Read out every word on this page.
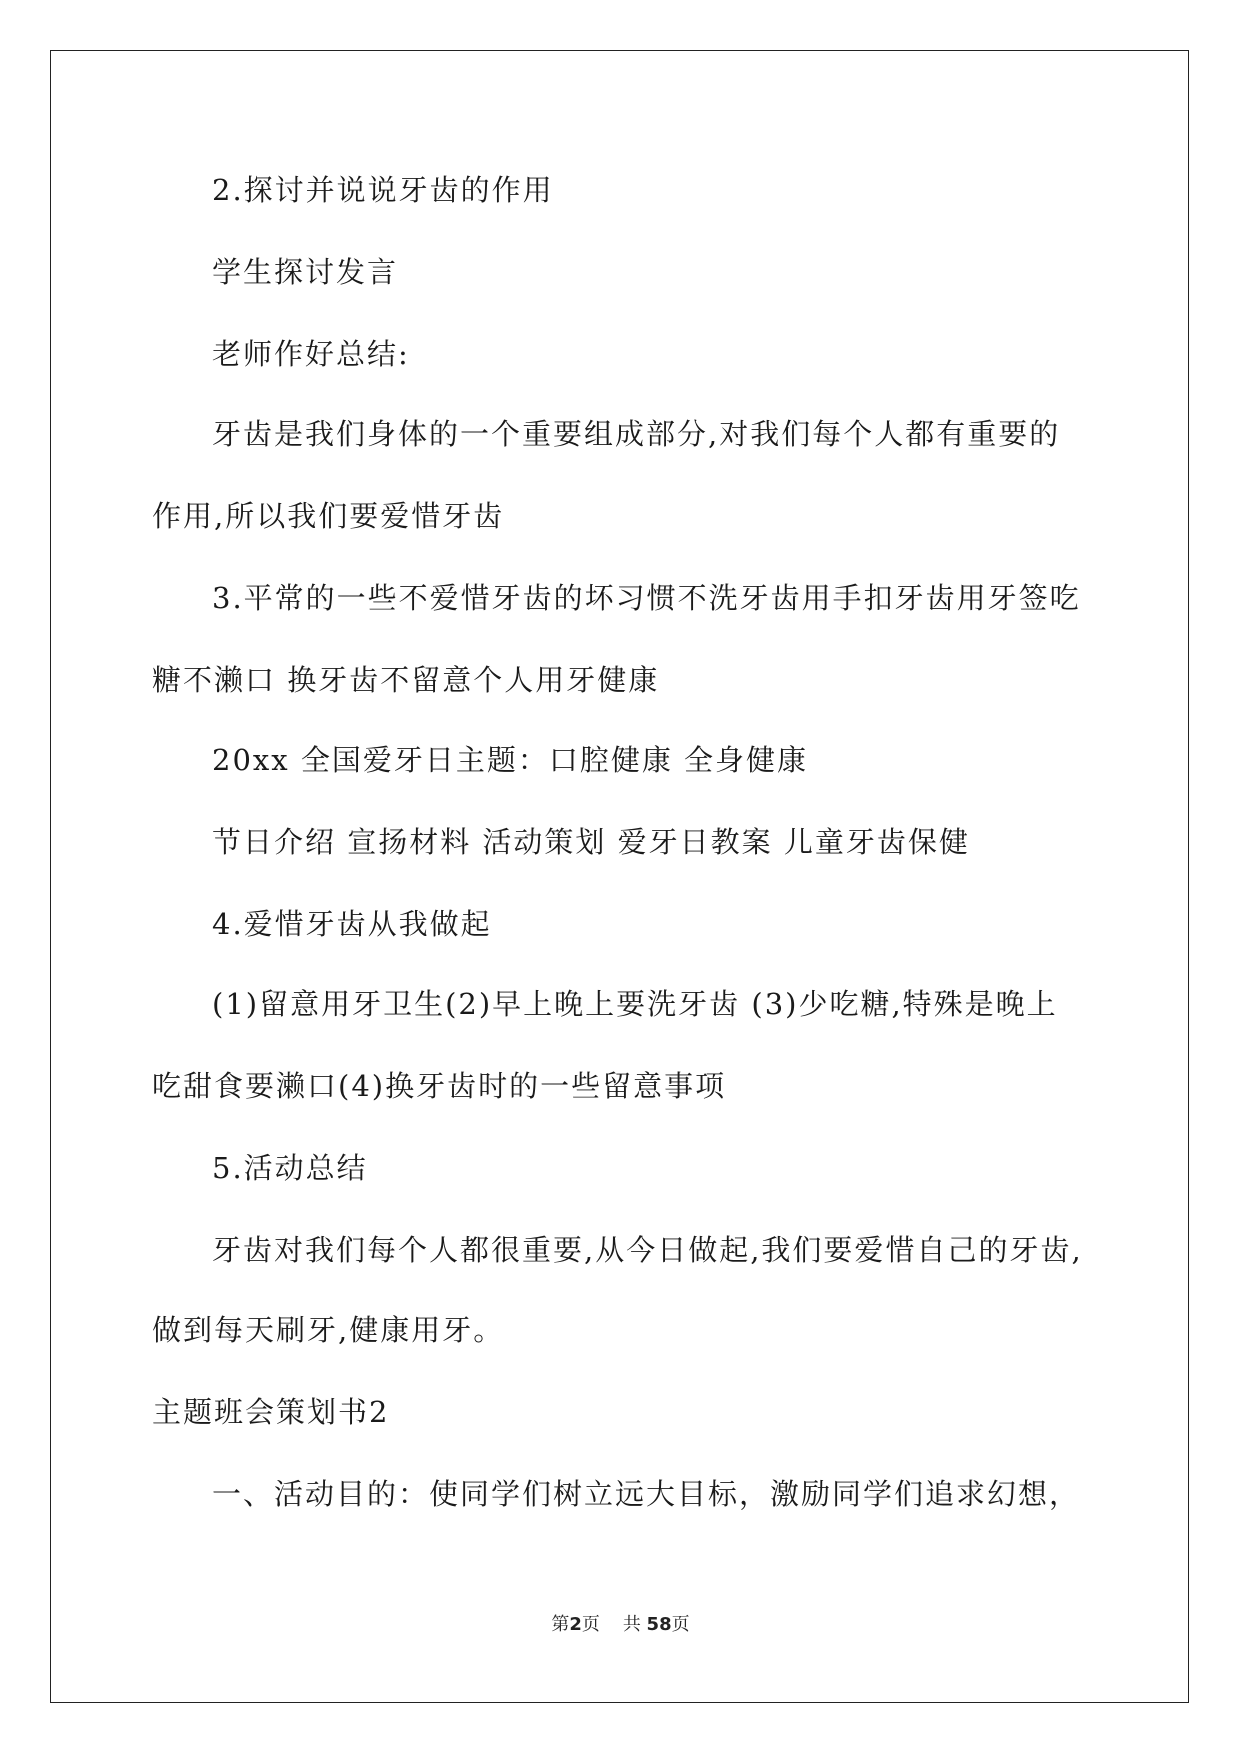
2.探讨并说说牙齿的作用
学生探讨发言
老师作好总结:
牙齿是我们身体的一个重要组成部分,对我们每个人都有重要的
作用,所以我们要爱惜牙齿
3.平常的一些不爱惜牙齿的坏习惯不洗牙齿用手扣牙齿用牙签吃
糖不濑口 换牙齿不留意个人用牙健康
20xx 全国爱牙日主题：口腔健康 全身健康
节日介绍 宣扬材料 活动策划 爱牙日教案 儿童牙齿保健
4.爱惜牙齿从我做起
(1)留意用牙卫生(2)早上晚上要洗牙齿 (3)少吃糖,特殊是晚上
吃甜食要濑口(4)换牙齿时的一些留意事项
5.活动总结
牙齿对我们每个人都很重要,从今日做起,我们要爱惜自己的牙齿,
做到每天刷牙,健康用牙。
主题班会策划书2
一、活动目的：使同学们树立远大目标，激励同学们追求幻想，
第2页 共 58页
